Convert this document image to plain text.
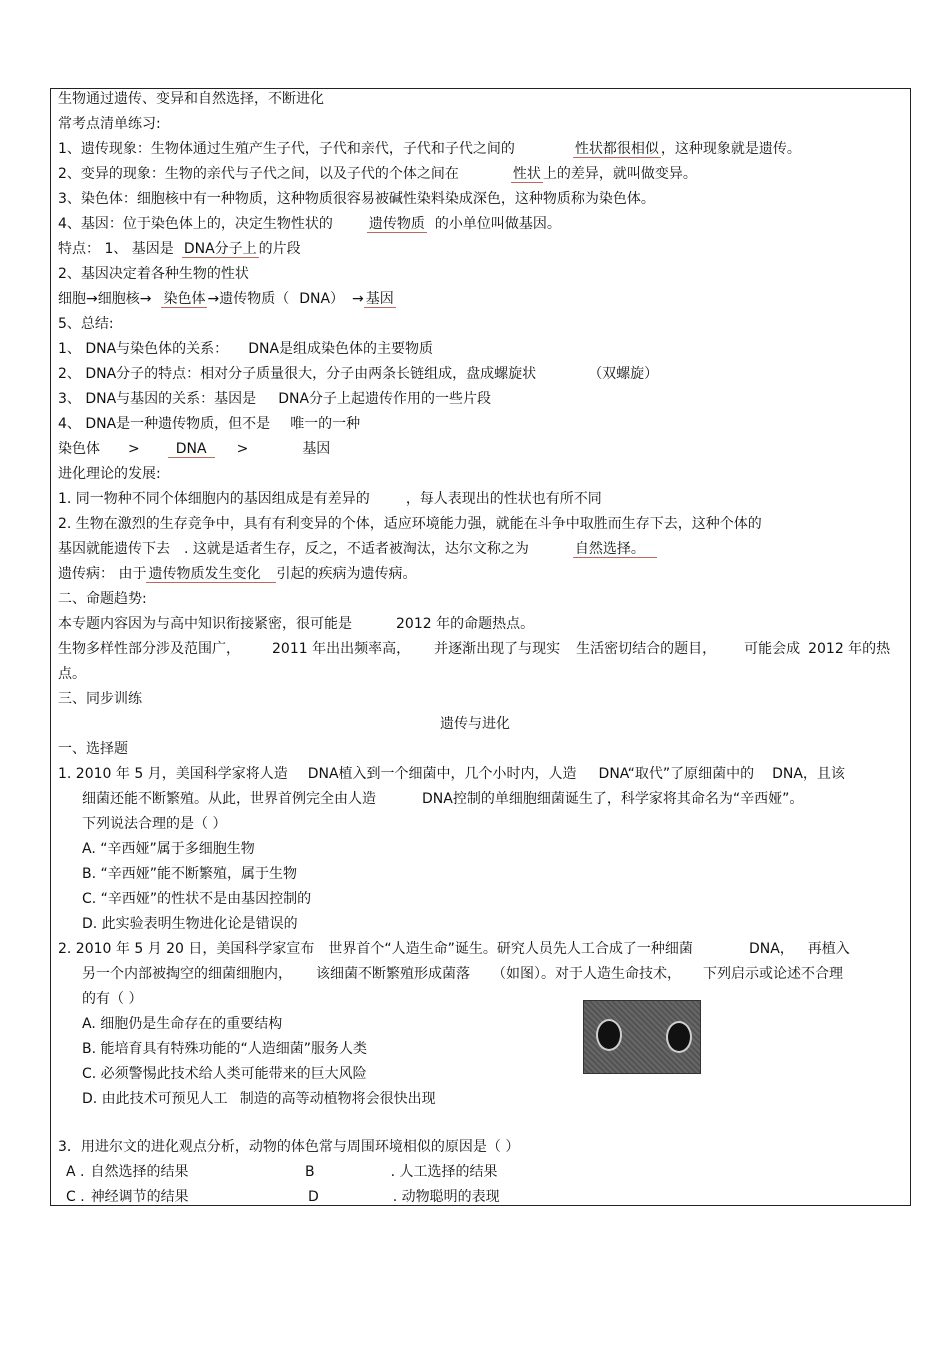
生物通过遗传、变异和自然选择，不断进化
常考点清单练习:
1、遗传现象：生物体通过生殖产生子代，子代和亲代，子代和子代之间的	性状都很相似 ，这种现象就是遗传。
2、变异的现象：生物的亲代与子代之间，以及子代的个体之间在	性状 上的差异，就叫做变异。
3、染色体：细胞核中有一种物质，这种物质很容易被碱性染料染成深色，这种物质称为染色体。
4、基因：位于染色体上的，决定生物性状的	遗传物质 的小单位叫做基因。
特点： 1、 基因是 DNA分子上 的片段
2、基因决定着各种生物的性状
细胞→细胞核→ 染色体 →遗传物质（ DNA） → 基因
5、总结:
1、 DNA与染色体的关系： DNA是组成染色体的主要物质
2、 DNA分子的特点：相对分子质量很大，分子由两条长链组成，盘成螺旋状	（双螺旋）
3、 DNA与基因的关系：基因是 DNA分子上起遗传作用的一些片段
4、 DNA是一种遗传物质，但不是 唯一的一种
染色体 >	DNA >	基因
进化理论的发展:
1. 同一物种不同个体细胞内的基因组成是有差异的	，每人表现出的性状也有所不同
2. 生物在激烈的生存竞争中，具有有利变异的个体，适应环境能力强，就能在斗争中取胜而生存下去，这种个体的
基因就能遗传下去 . 这就是适者生存，反之，不适者被淘汰，达尔文称之为	自然选择。
遗传病： 由于 遗传物质发生变化 引起的疾病为遗传病。
二、命题趋势:
本专题内容因为与高中知识衔接紧密，很可能是	2012 年的命题热点。
生物多样性部分涉及范围广， 2011 年出出频率高， 并逐渐出现了与现实 生活密切结合的题目， 可能会成 2012 年的热
点。
三、同步训练
遗传与进化
一、选择题
1. 2010 年 5 月，美国科学家将人造 DNA植入到一个细菌中，几个小时内，人造 DNA“取代”了原细菌中的 DNA，且该
细菌还能不断繁殖。从此，世界首例完全由人造	DNA控制的单细胞细菌诞生了，科学家将其命名为“辛西娅”。
下列说法合理的是（ ）
A. “辛西娅”属于多细胞生物
B. “辛西娅”能不断繁殖，属于生物
C. “辛西娅”的性状不是由基因控制的
D. 此实验表明生物进化论是错误的
2. 2010 年 5 月 20 日，美国科学家宣布 世界首个“人造生命”诞生。研究人员先人工合成了一种细菌	DNA， 再植入
另一个内部被掏空的细菌细胞内， 该细菌不断繁殖形成菌落 （如图）。对于人造生命技术， 下列启示或论述不合理
的有（ ）
A. 细胞仍是生命存在的重要结构
B. 能培育具有特殊功能的“人造细菌”服务人类
C. 必须警惕此技术给人类可能带来的巨大风险
D. 由此技术可预见人工 制造的高等动植物将会很快出现
3．用进尔文的进化观点分析，动物的体色常与周围环境相似的原因是（ ）
A . 自然选择的结果	B	. 人工选择的结果
C . 神经调节的结果	D	. 动物聪明的表现
